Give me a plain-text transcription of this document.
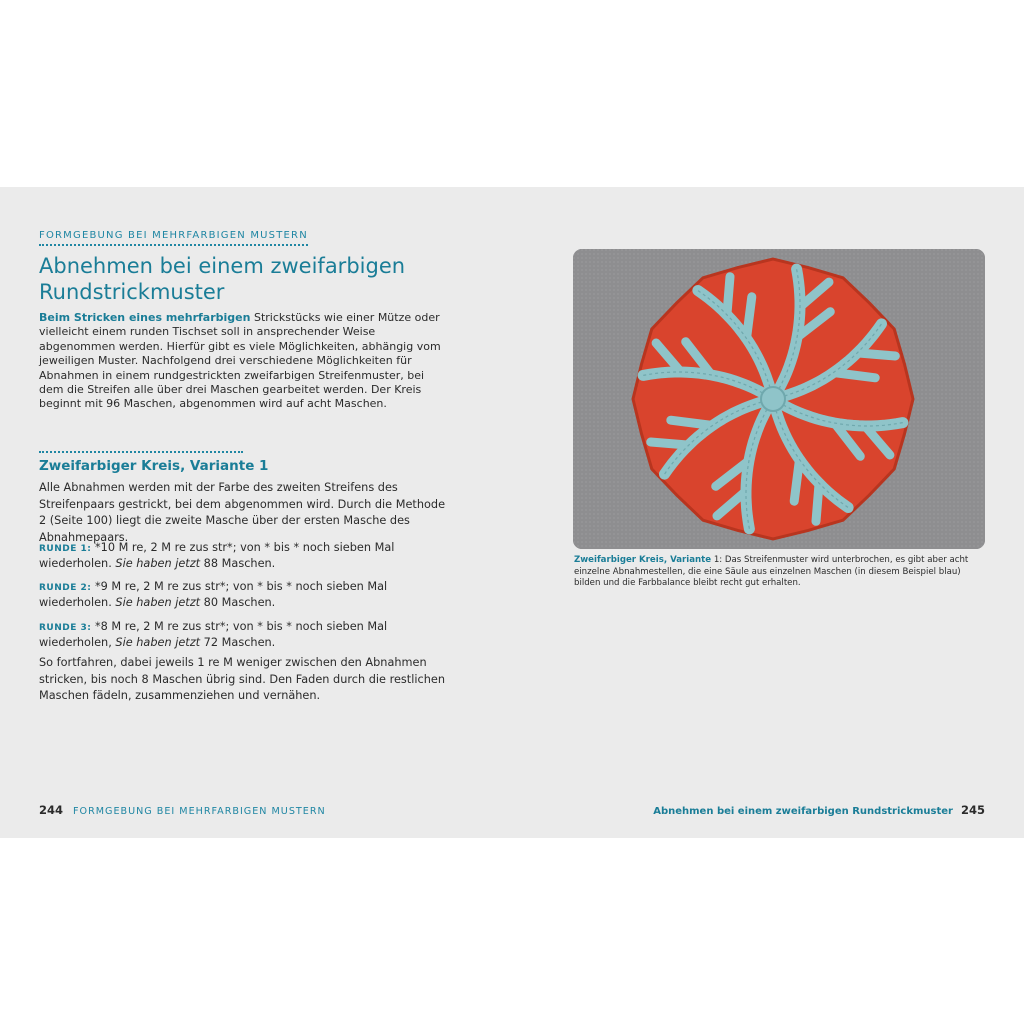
FORMGEBUNG BEI MEHRFARBIGEN MUSTERN
Abnehmen bei einem zweifarbigen Rundstrickmuster

Beim Stricken eines mehrfarbigen Strickstücks wie einer Mütze oder vielleicht einem runden Tischset soll in ansprechender Weise abgenommen werden. Hierfür gibt es viele Möglichkeiten, abhängig vom jeweiligen Muster. Nachfolgend drei verschiedene Möglichkeiten für Abnahmen in einem rundgestrickten zweifarbigen Streifenmuster, bei dem die Streifen alle über drei Maschen gearbeitet werden. Der Kreis beginnt mit 96 Maschen, abgenommen wird auf acht Maschen.

Zweifarbiger Kreis, Variante 1

Alle Abnahmen werden mit der Farbe des zweiten Streifens des Streifenpaars gestrickt, bei dem abgenommen wird. Durch die Methode 2 (Seite 100) liegt die zweite Masche über der ersten Masche des Abnahmepaars.

RUNDE 1: *10 M re, 2 M re zus str*; von * bis * noch sieben Mal wiederholen. Sie haben jetzt 88 Maschen.

RUNDE 2: *9 M re, 2 M re zus str*; von * bis * noch sieben Mal wiederholen. Sie haben jetzt 80 Maschen.

RUNDE 3: *8 M re, 2 M re zus str*; von * bis * noch sieben Mal wiederholen, Sie haben jetzt 72 Maschen.

So fortfahren, dabei jeweils 1 re M weniger zwischen den Abnahmen stricken, bis noch 8 Maschen übrig sind. Den Faden durch die restlichen Maschen fädeln, zusammenziehen und vernähen.

244 FORMGEBUNG BEI MEHRFARBIGEN MUSTERN

Zweifarbiger Kreis, Variante 1: Das Streifenmuster wird unterbrochen, es gibt aber acht einzelne Abnahmestellen, die eine Säule aus einzelnen Maschen (in diesem Beispiel blau) bilden und die Farbbalance bleibt recht gut erhalten.

Abnehmen bei einem zweifarbigen Rundstrickmuster 245
